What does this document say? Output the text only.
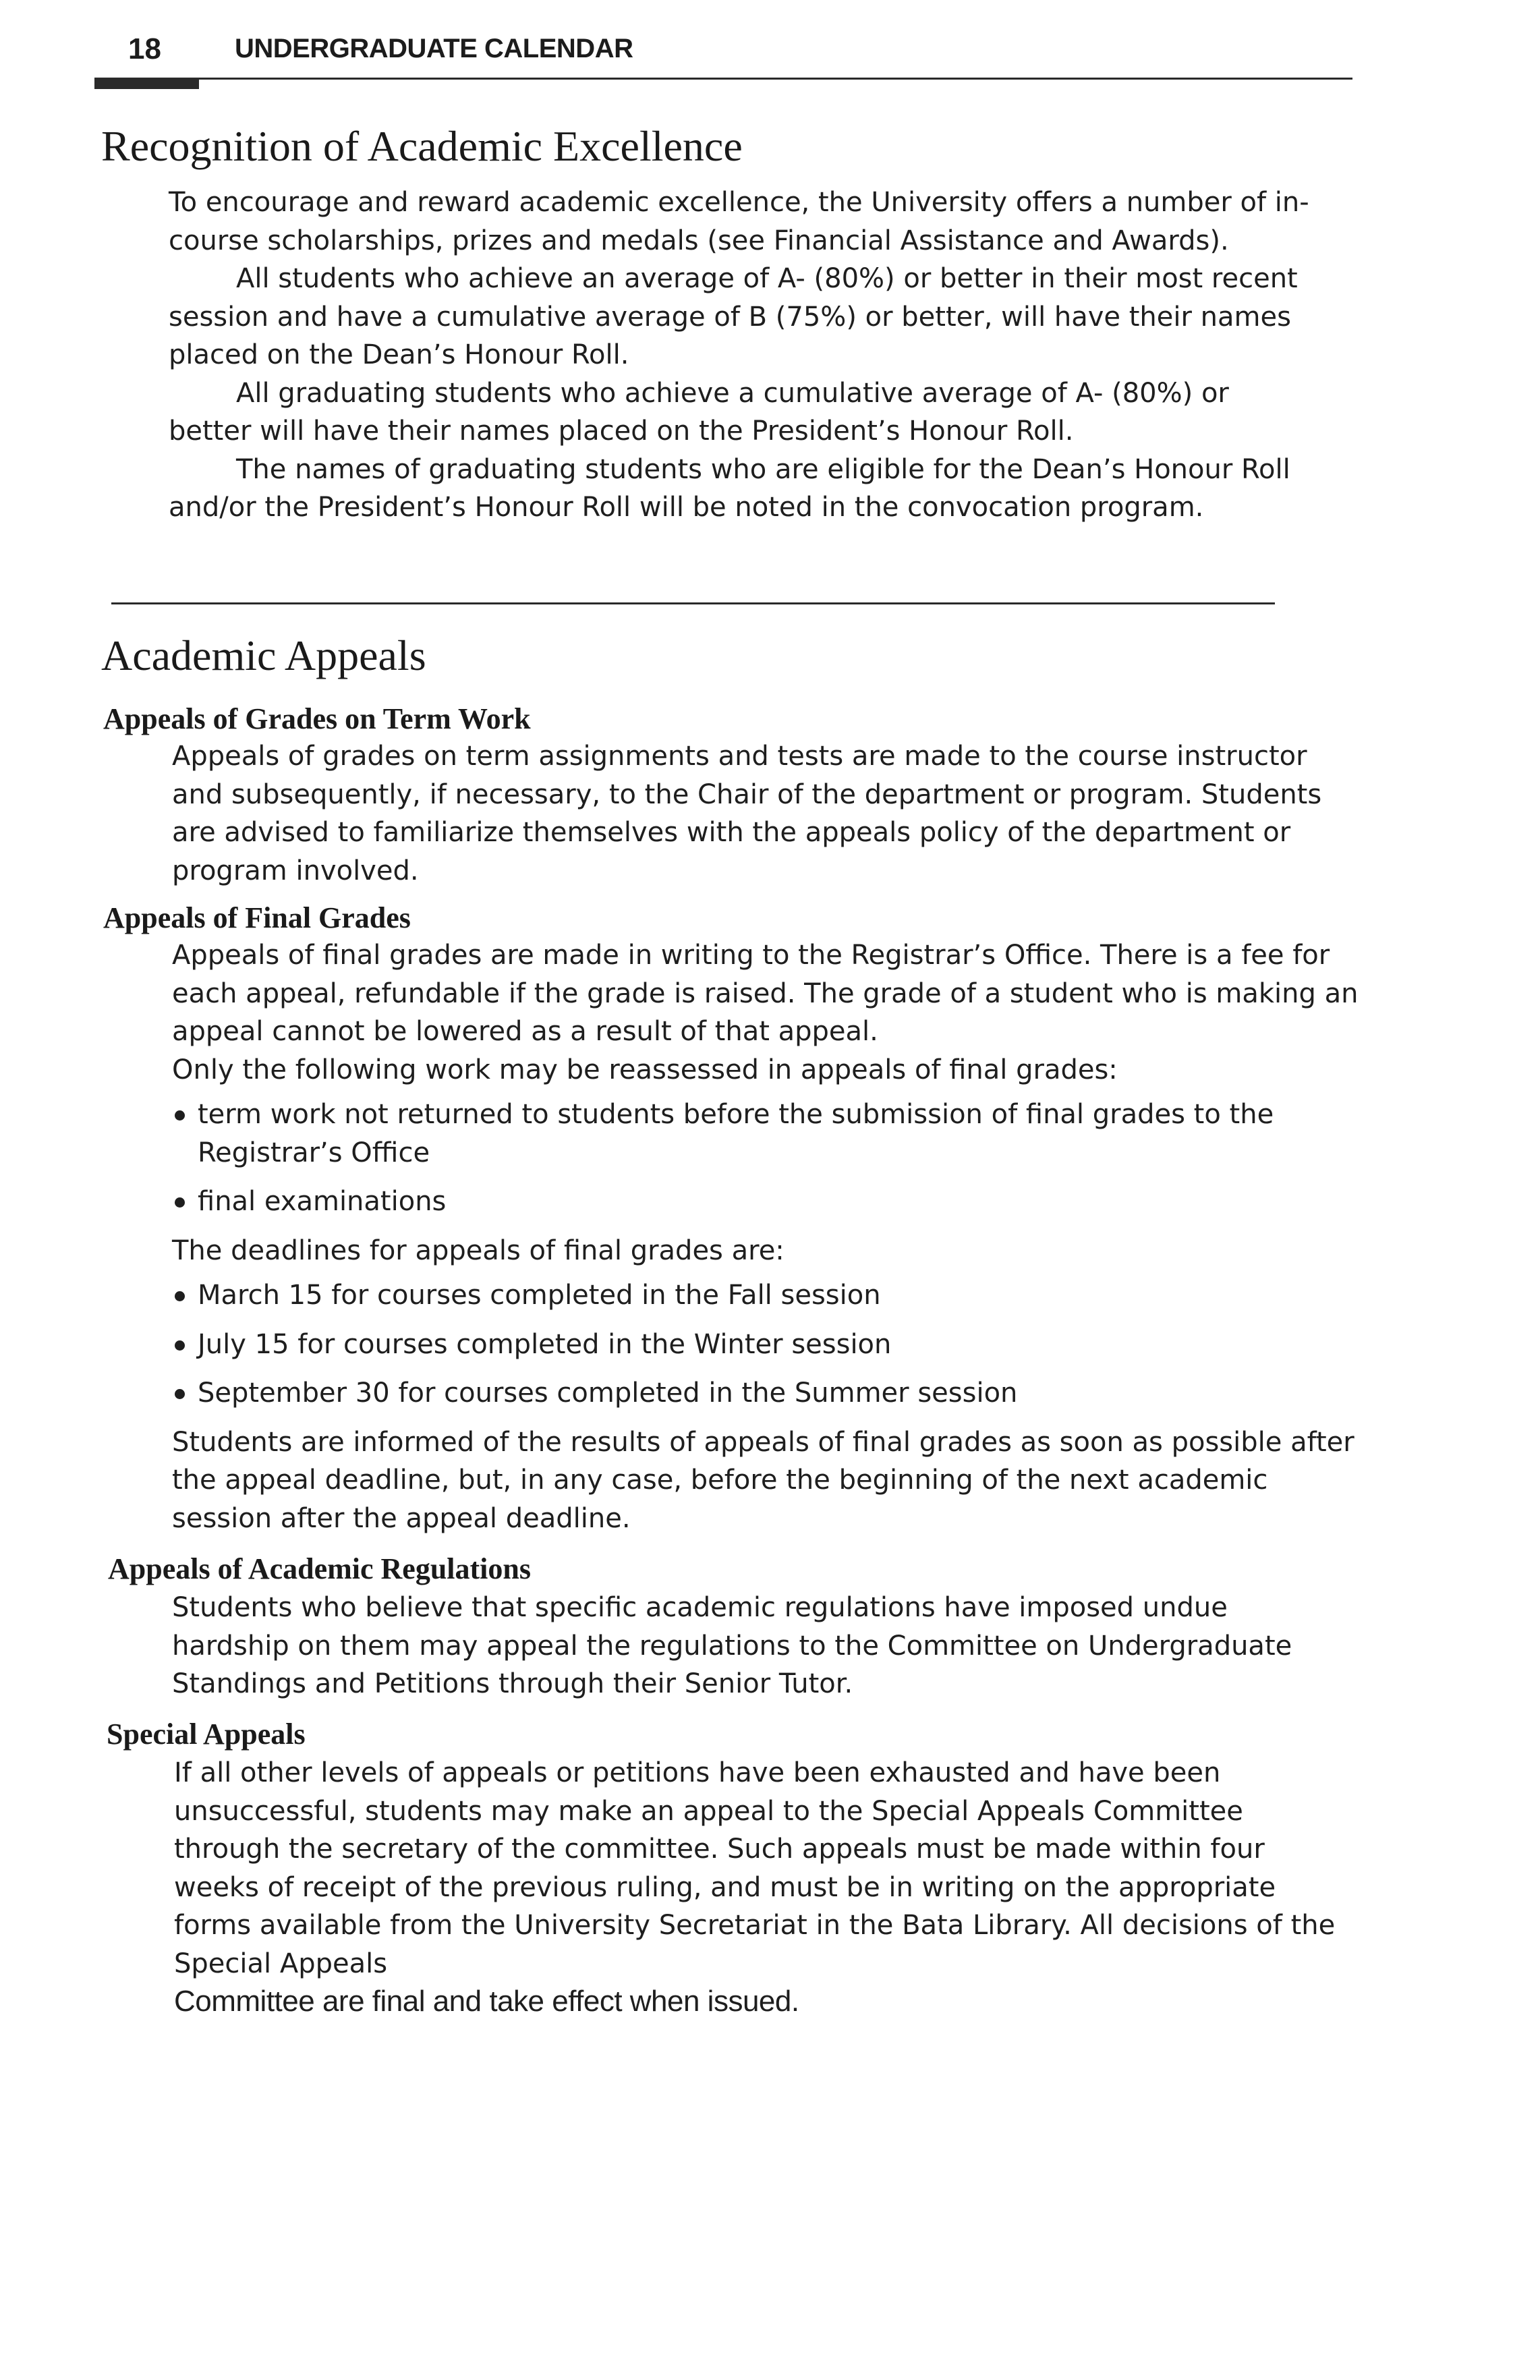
18	UNDERGRADUATE CALENDAR
Recognition of Academic Excellence

To encourage and reward academic excellence, the University offers a number of in-course scholarships, prizes and medals (see Financial Assistance and Awards).

All students who achieve an average of A- (80%) or better in their most recent session and have a cumulative average of B (75%) or better, will have their names placed on the Dean’s Honour Roll.

All graduating students who achieve a cumulative average of A- (80%) or better will have their names placed on the President’s Honour Roll.

The names of graduating students who are eligible for the Dean’s Honour Roll and/or the President’s Honour Roll will be noted in the convocation program.

Academic Appeals
Appeals of Grades on Term Work

Appeals of grades on term assignments and tests are made to the course instructor and subsequently, if necessary, to the Chair of the department or program. Students are advised to familiarize themselves with the appeals policy of the department or program involved.

Appeals of Final Grades

Appeals of final grades are made in writing to the Registrar’s Office. There is a fee for each appeal, refundable if the grade is raised. The grade of a student who is making an appeal cannot be lowered as a result of that appeal.

Only the following work may be reassessed in appeals of final grades:

term work not returned to students before the submission of final grades to the Registrar’s Office
final examinations

The deadlines for appeals of final grades are:

March 15 for courses completed in the Fall session
July 15 for courses completed in the Winter session
September 30 for courses completed in the Summer session

Students are informed of the results of appeals of final grades as soon as possible after the appeal deadline, but, in any case, before the beginning of the next academic session after the appeal deadline.

Appeals of Academic Regulations

Students who believe that specific academic regulations have imposed undue hardship on them may appeal the regulations to the Committee on Undergraduate Standings and Petitions through their Senior Tutor.

Special Appeals

If all other levels of appeals or petitions have been exhausted and have been unsuccessful, students may make an appeal to the Special Appeals Committee through the secretary of the committee. Such appeals must be made within four weeks of receipt of the previous ruling, and must be in writing on the appropriate forms available from the University Secretariat in the Bata Library. All decisions of the Special Appeals

Committee are final and take effect when issued.
